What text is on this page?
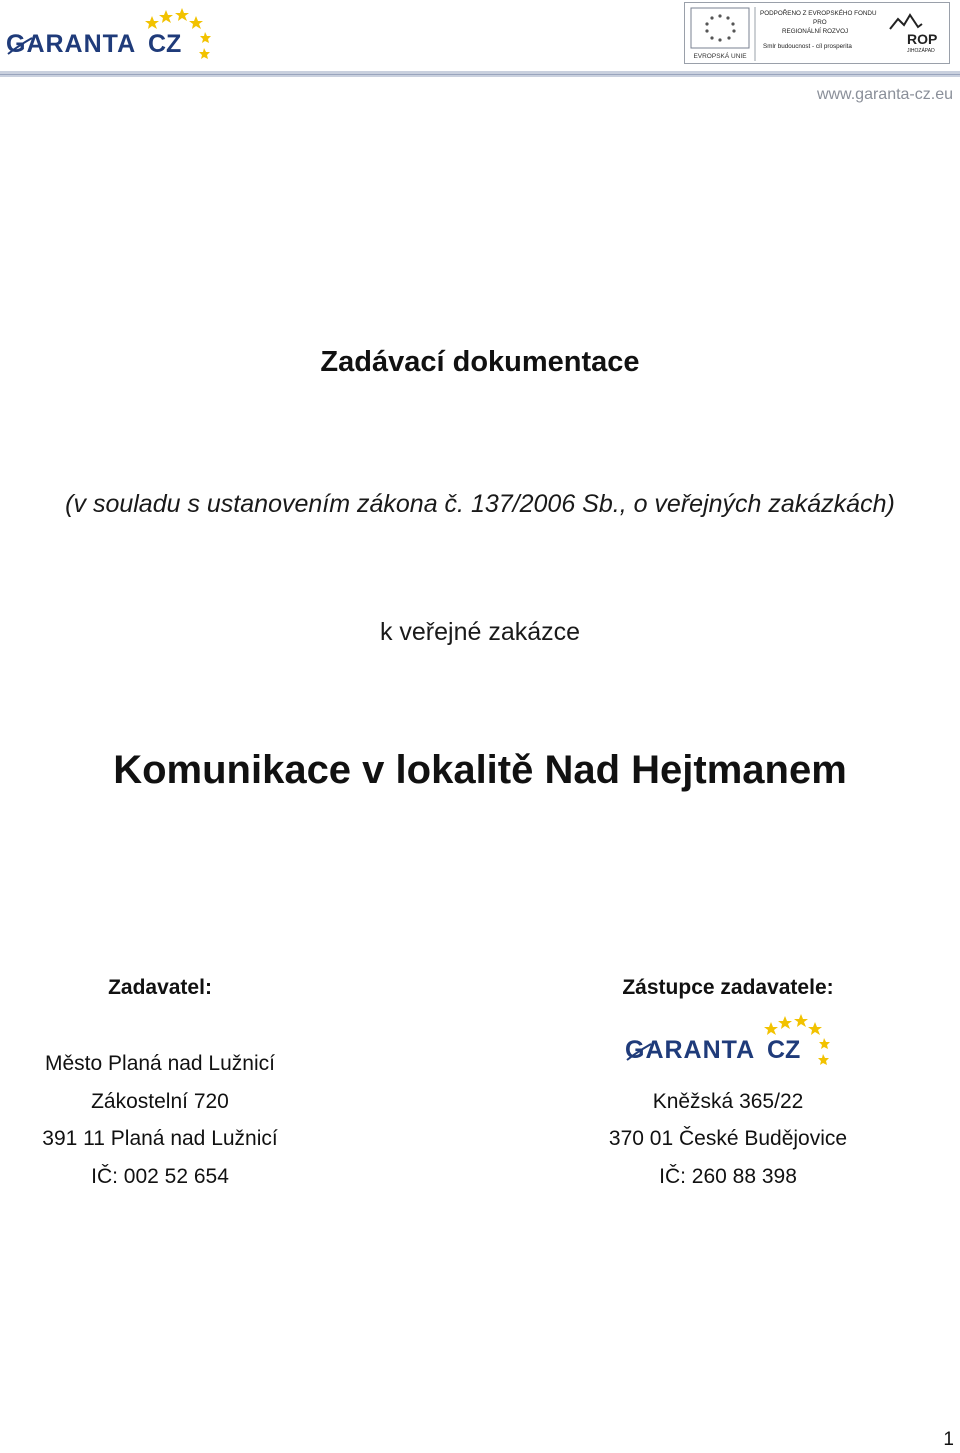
GARANTA CZ	EVROPSKÁ UNIE
PODPOŘENO Z EVROPSKÉHO FONDU
PRO
REGIONÁLNÍ ROZVOJ
Smlr budoucnost - cíl prosperita	ROP
JIHOZÁPAD
www.garanta-cz.eu
Zadávací dokumentace
(v souladu s ustanovením zákona č. 137/2006 Sb., o veřejných zakázkách)
k veřejné zakázce
Komunikace v lokalitě Nad Hejtmanem
Zadavatel:
Město Planá nad Lužnicí
Zákostelní 720
391 11 Planá nad Lužnicí
IČ: 002 52 654
Zástupce zadavatele:
GARANTA CZ
Kněžská 365/22
370 01 České Budějovice
IČ: 260 88 398
1
